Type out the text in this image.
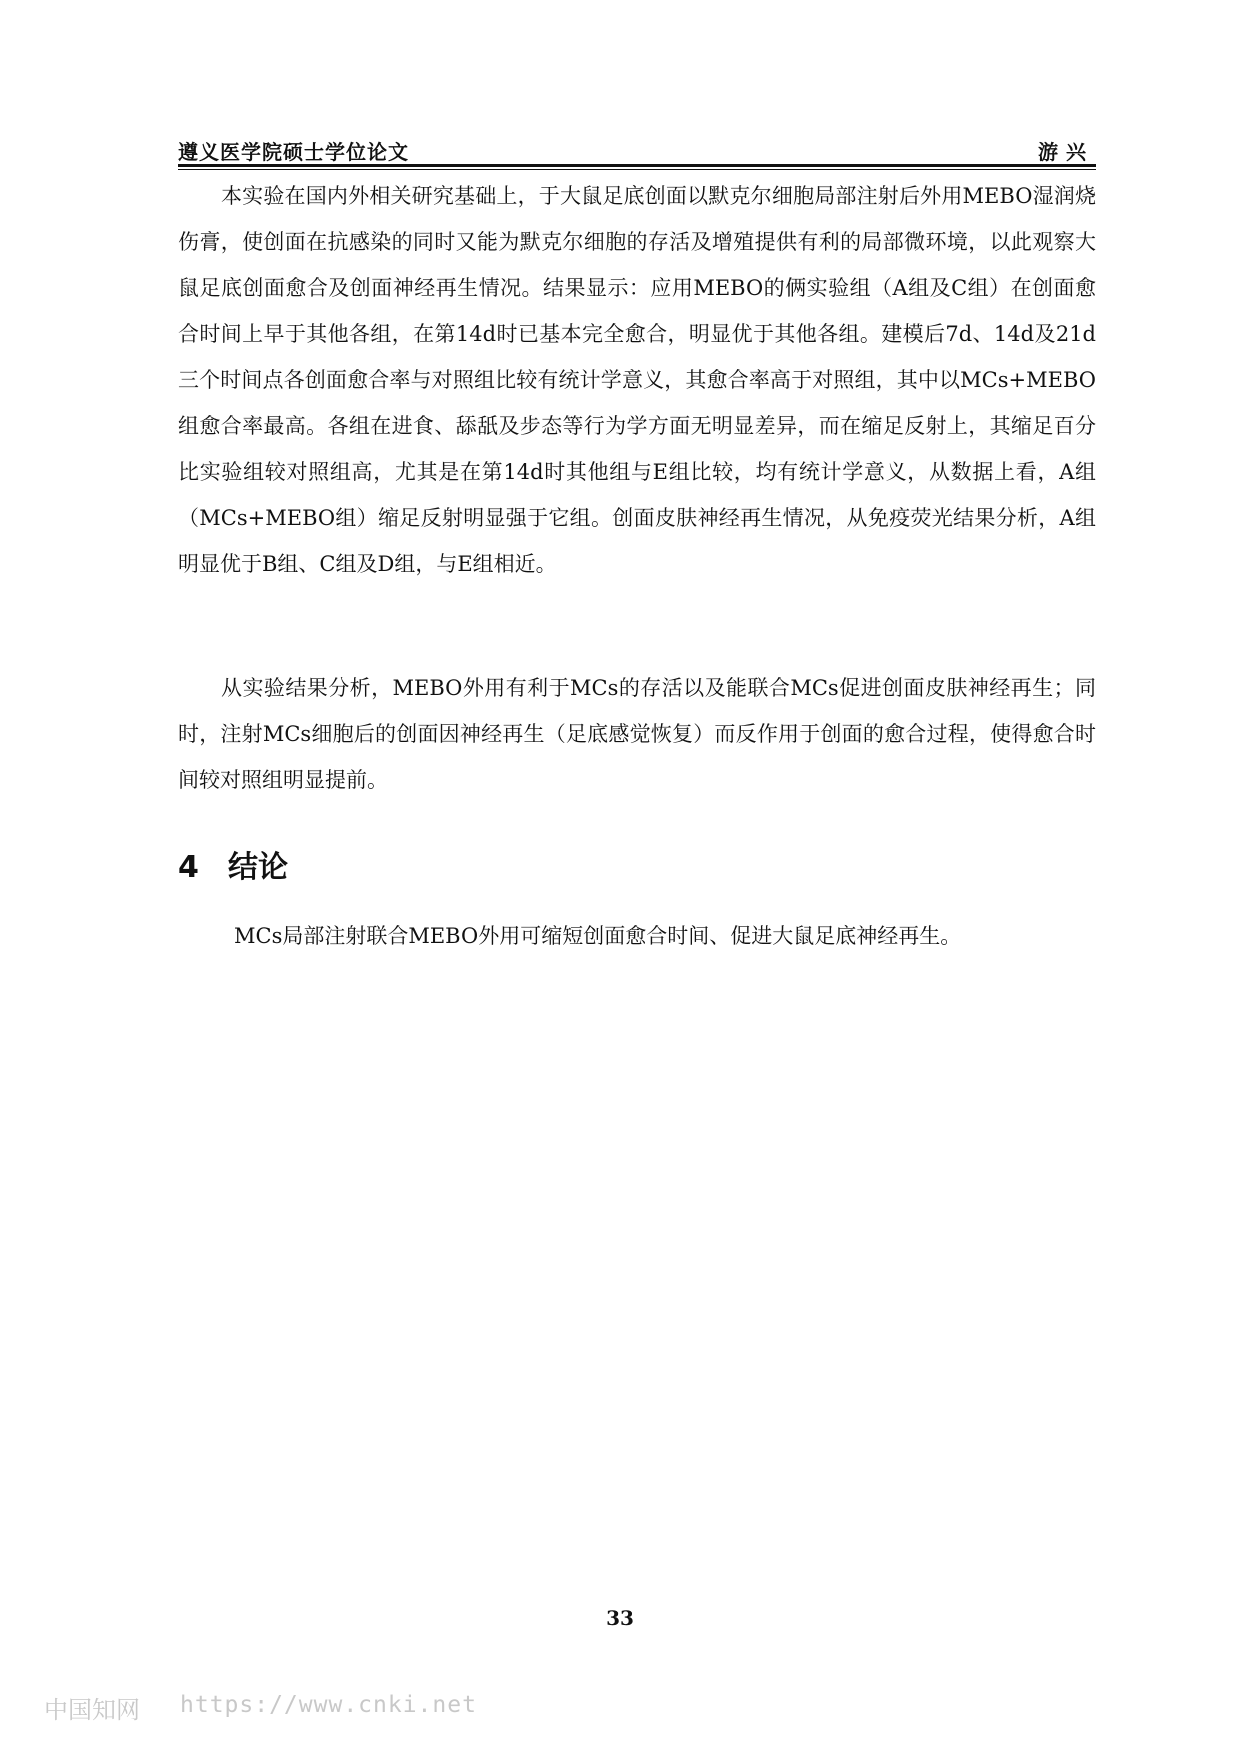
遵义医学院硕士学位论文	游兴

本实验在国内外相关研究基础上，于大鼠足底创面以默克尔细胞局部注射后外用MEBO湿润烧伤膏，使创面在抗感染的同时又能为默克尔细胞的存活及增殖提供有利的局部微环境，以此观察大鼠足底创面愈合及创面神经再生情况。结果显示：应用MEBO的俩实验组（A组及C组）在创面愈合时间上早于其他各组，在第14d时已基本完全愈合，明显优于其他各组。建模后7d、14d及21d三个时间点各创面愈合率与对照组比较有统计学意义，其愈合率高于对照组，其中以MCs+MEBO组愈合率最高。各组在进食、舔舐及步态等行为学方面无明显差异，而在缩足反射上，其缩足百分比实验组较对照组高，尤其是在第14d时其他组与E组比较，均有统计学意义，从数据上看，A组（MCs+MEBO组）缩足反射明显强于它组。创面皮肤神经再生情况，从免疫荧光结果分析，A组明显优于B组、C组及D组，与E组相近。

从实验结果分析，MEBO外用有利于MCs的存活以及能联合MCs促进创面皮肤神经再生；同时，注射MCs细胞后的创面因神经再生（足底感觉恢复）而反作用于创面的愈合过程，使得愈合时间较对照组明显提前。

4 结论

MCs局部注射联合MEBO外用可缩短创面愈合时间、促进大鼠足底神经再生。

33
中国知网 https://www.cnki.net
